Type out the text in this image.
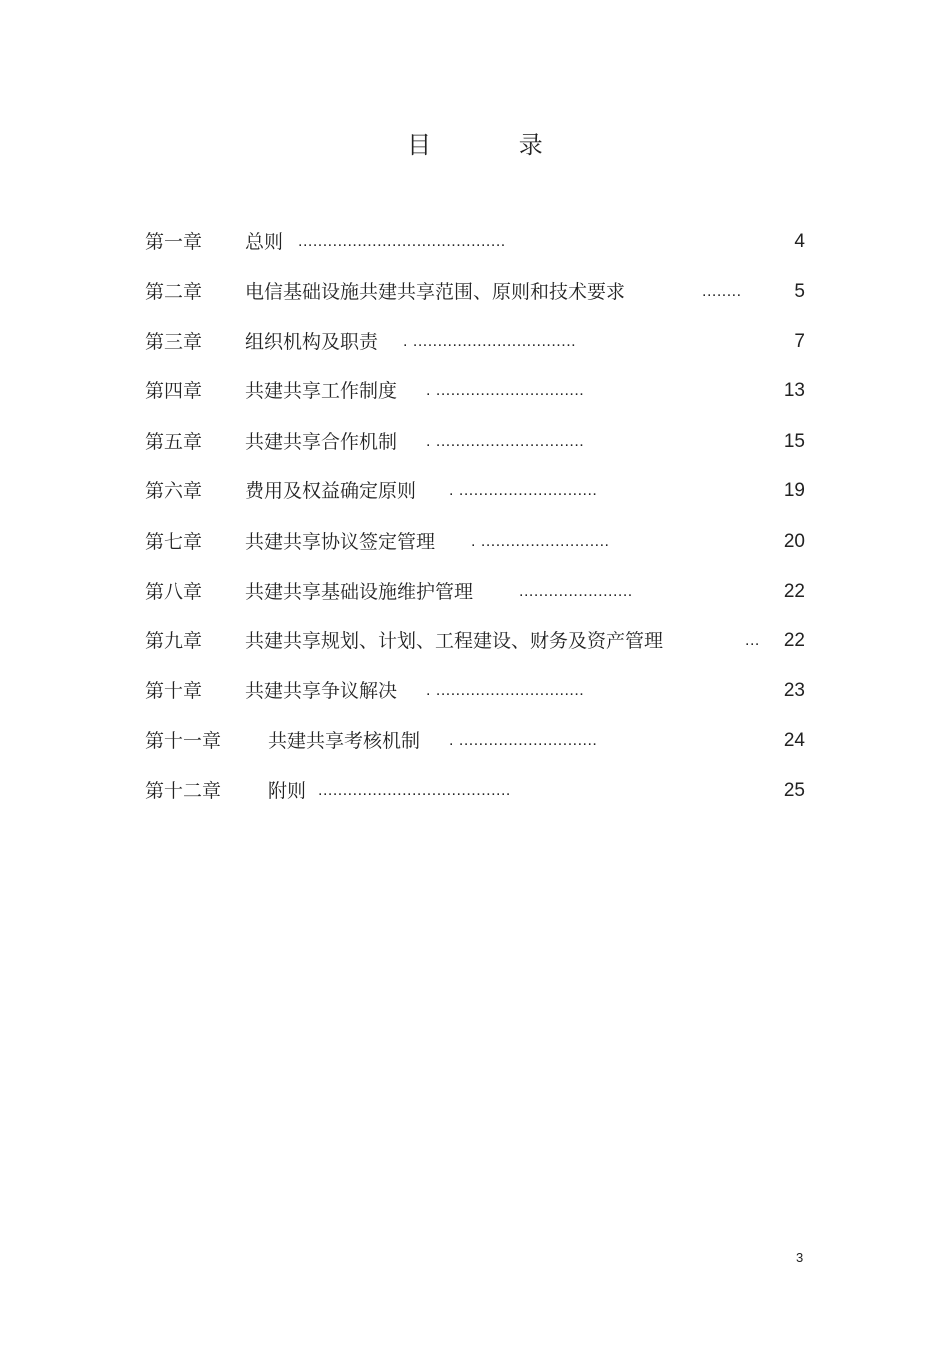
目 录
第一章 总则 ..........................................	4
第二章 电信基础设施共建共享范围、原则和技术要求	........	5
第三章 组织机构及职责 . .................................	7
第四章 共建共享工作制度 . ..............................	13
第五章 共建共享合作机制 . ..............................	15
第六章 费用及权益确定原则 . ............................	19
第七章 共建共享协议签定管理 . ..........................	20
第八章 共建共享基础设施维护管理	.......................	22
第九章 共建共享规划、计划、工程建设、财务及资产管理	... 22
第十章 共建共享争议解决 . ..............................	23
第十一章 共建共享考核机制 . ............................	24
第十二章 附则 .......................................	25
3
